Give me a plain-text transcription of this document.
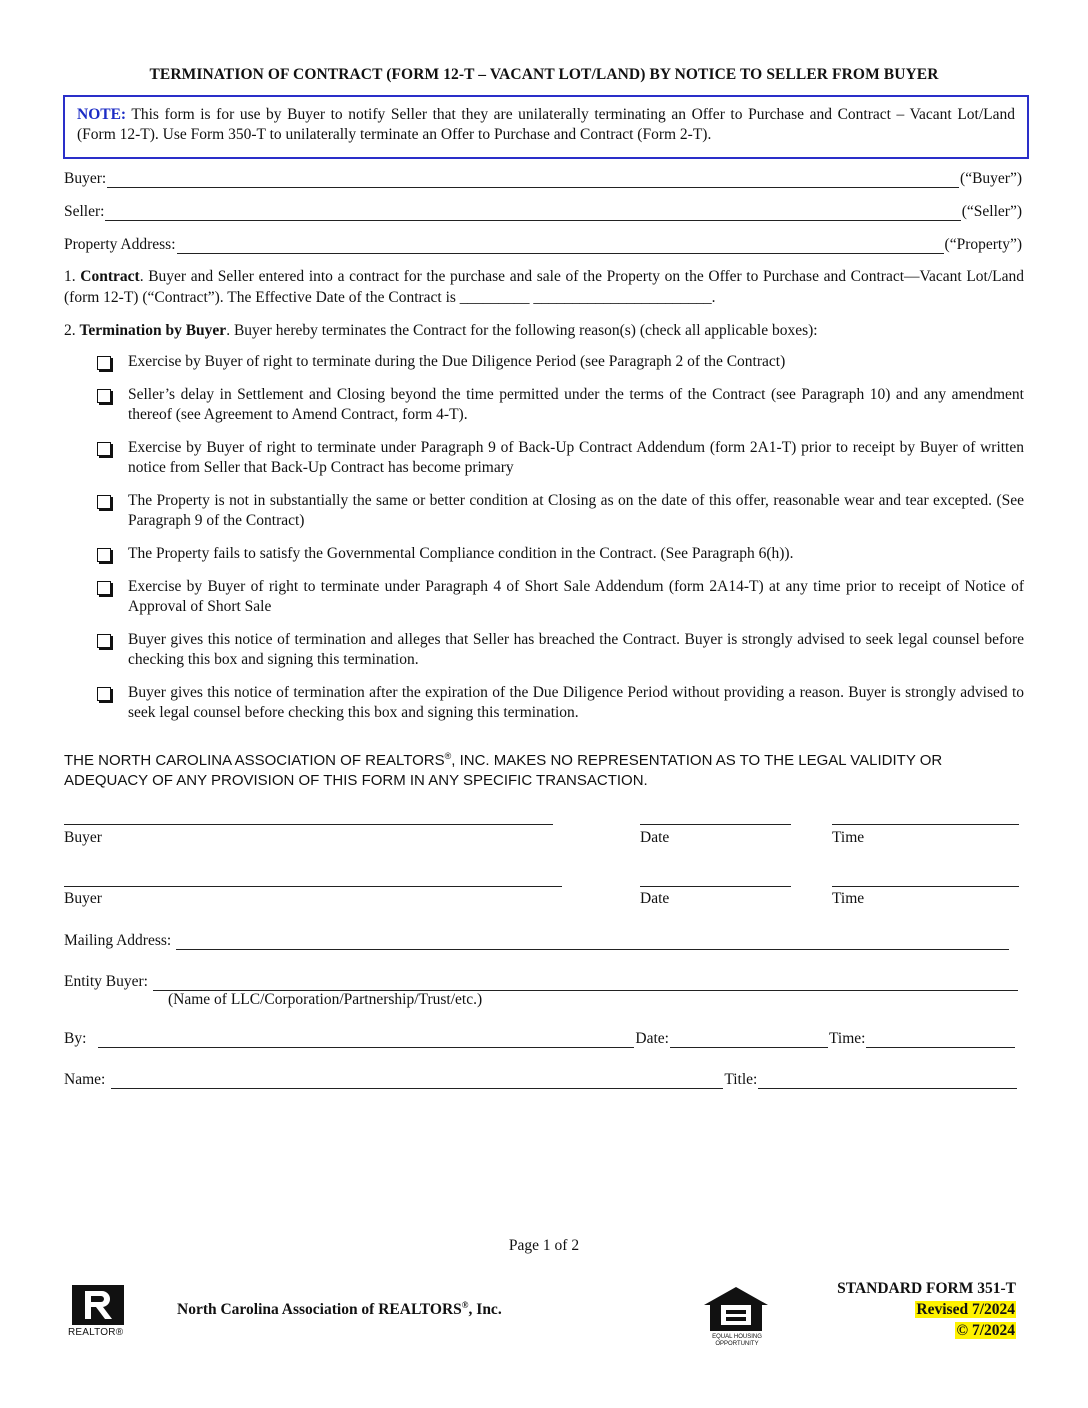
TERMINATION OF CONTRACT (FORM 12-T – VACANT LOT/LAND) BY NOTICE TO SELLER FROM BUYER
NOTE: This form is for use by Buyer to notify Seller that they are unilaterally terminating an Offer to Purchase and Contract – Vacant Lot/Land (Form 12-T). Use Form 350-T to unilaterally terminate an Offer to Purchase and Contract (Form 2-T).
Buyer:	(“Buyer”)
Seller:	(“Seller”)
Property Address:	(“Property”)
1. Contract. Buyer and Seller entered into a contract for the purchase and sale of the Property on the Offer to Purchase and Contract—Vacant Lot/Land (form 12-T) (“Contract”). The Effective Date of the Contract is _________ _______________________.
2. Termination by Buyer. Buyer hereby terminates the Contract for the following reason(s) (check all applicable boxes):
Exercise by Buyer of right to terminate during the Due Diligence Period (see Paragraph 2 of the Contract)
Seller’s delay in Settlement and Closing beyond the time permitted under the terms of the Contract (see Paragraph 10) and any amendment thereof (see Agreement to Amend Contract, form 4-T).
Exercise by Buyer of right to terminate under Paragraph 9 of Back-Up Contract Addendum (form 2A1-T) prior to receipt by Buyer of written notice from Seller that Back-Up Contract has become primary
The Property is not in substantially the same or better condition at Closing as on the date of this offer, reasonable wear and tear excepted. (See Paragraph 9 of the Contract)
The Property fails to satisfy the Governmental Compliance condition in the Contract. (See Paragraph 6(h)).
Exercise by Buyer of right to terminate under Paragraph 4 of Short Sale Addendum (form 2A14-T) at any time prior to receipt of Notice of Approval of Short Sale
Buyer gives this notice of termination and alleges that Seller has breached the Contract. Buyer is strongly advised to seek legal counsel before checking this box and signing this termination.
Buyer gives this notice of termination after the expiration of the Due Diligence Period without providing a reason. Buyer is strongly advised to seek legal counsel before checking this box and signing this termination.
THE NORTH CAROLINA ASSOCIATION OF REALTORS®, INC. MAKES NO REPRESENTATION AS TO THE LEGAL VALIDITY OR ADEQUACY OF ANY PROVISION OF THIS FORM IN ANY SPECIFIC TRANSACTION.
Buyer	Date	Time
Buyer	Date	Time
Mailing Address:
Entity Buyer:
(Name of LLC/Corporation/Partnership/Trust/etc.)
By:	Date:	Time:
Name:	Title:
Page 1 of 2
REALTOR®
North Carolina Association of REALTORS®, Inc.
EQUAL HOUSING OPPORTUNITY
STANDARD FORM 351-T
Revised 7/2024
© 7/2024
